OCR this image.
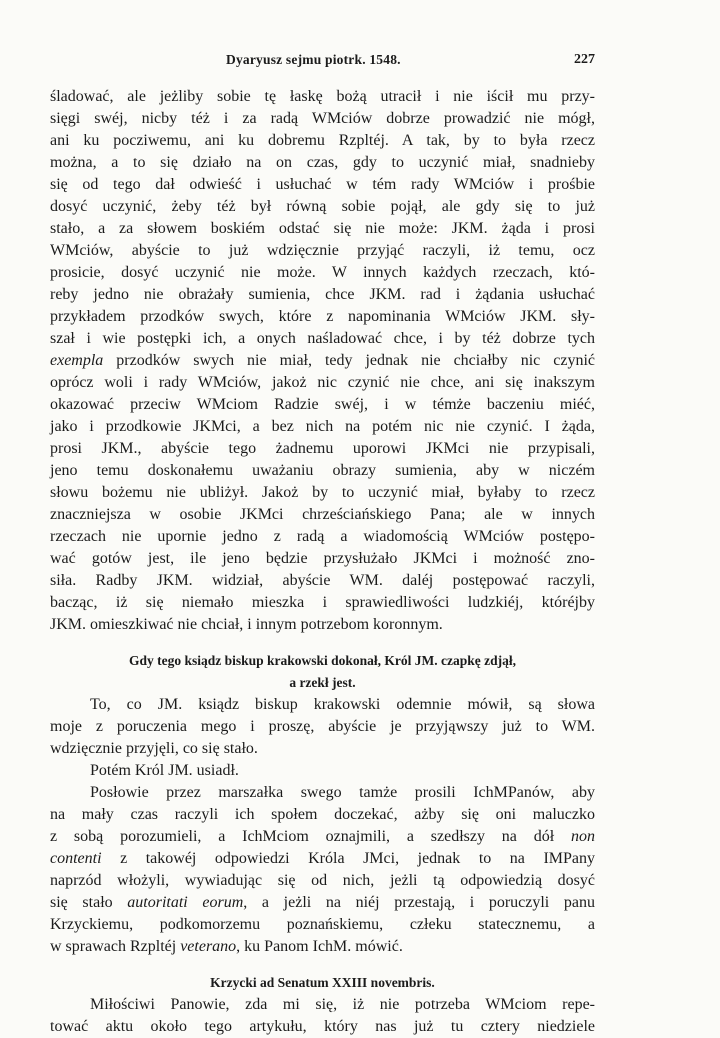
Dyaryusz sejmu piotrk. 1548.	227

śladować, ale jeżliby sobie tę łaskę bożą utracił i nie iścił mu przy-
sięgi swéj, nicby téż i za radą WMciów dobrze prowadzić nie mógł,
ani ku pocziwemu, ani ku dobremu Rzpltéj. A tak, by to była rzecz
można, a to się działo na on czas, gdy to uczynić miał, snadnieby
się od tego dał odwieść i usłuchać w tém rady WMciów i prośbie
dosyć uczynić, żeby téż był równą sobie pojął, ale gdy się to już
stało, a za słowem boskiém odstać się nie może: JKM. żąda i prosi
WMciów, abyście to już wdzięcznie przyjąć raczyli, iż temu, ocz
prosicie, dosyć uczynić nie może. W innych każdych rzeczach, któ-
reby jedno nie obrażały sumienia, chce JKM. rad i żądania usłuchać
przykładem przodków swych, które z napominania WMciów JKM. sły-
szał i wie postępki ich, a onych naśladować chce, i by téż dobrze tych
exempla przodków swych nie miał, tedy jednak nie chciałby nic czynić
oprócz woli i rady WMciów, jakoż nic czynić nie chce, ani się inakszym
okazować przeciw WMciom Radzie swéj, i w témże baczeniu miéć,
jako i przodkowie JKMci, a bez nich na potém nic nie czynić. I żąda,
prosi JKM., abyście tego żadnemu uporowi JKMci nie przypisali,
jeno temu doskonałemu uważaniu obrazy sumienia, aby w niczém
słowu bożemu nie ubliżył. Jakoż by to uczynić miał, byłaby to rzecz
znaczniejsza w osobie JKMci chrześciańskiego Pana; ale w innych
rzeczach nie upornie jedno z radą a wiadomością WMciów postępo-
wać gotów jest, ile jeno będzie przysłużało JKMci i możność zno-
siła. Radby JKM. widział, abyście WM. daléj postępować raczyli,
bacząc, iż się niemało mieszka i sprawiedliwości ludzkiéj, któréjby
JKM. omieszkiwać nie chciał, i innym potrzebom koronnym.

Gdy tego ksiądz biskup krakowski dokonał, Król JM. czapkę zdjął,
a rzekł jest.

To, co JM. ksiądz biskup krakowski odemnie mówił, są słowa
moje z poruczenia mego i proszę, abyście je przyjąwszy już to WM.
wdzięcznie przyjęli, co się stało.

Potém Król JM. usiadł.

Posłowie przez marszałka swego tamże prosili IchMPanów, aby
na mały czas raczyli ich społem doczekać, ażby się oni maluczko
z sobą porozumieli, a IchMciom oznajmili, a szedłszy na dół non
contenti z takowéj odpowiedzi Króla JMci, jednak to na IMPany
naprzód włożyli, wywiadując się od nich, jeżli tą odpowiedzią dosyć
się stało autoritati eorum, a jeżli na niéj przestają, i poruczyli panu
Krzyckiemu, podkomorzemu poznańskiemu, człeku statecznemu, a
w sprawach Rzpltéj veterano, ku Panom IchM. mówić.

Krzycki ad Senatum XXIII novembris.

Miłościwi Panowie, zda mi się, iż nie potrzeba WMciom repe-
tować aktu około tego artykułu, który nas już tu cztery niedziele
